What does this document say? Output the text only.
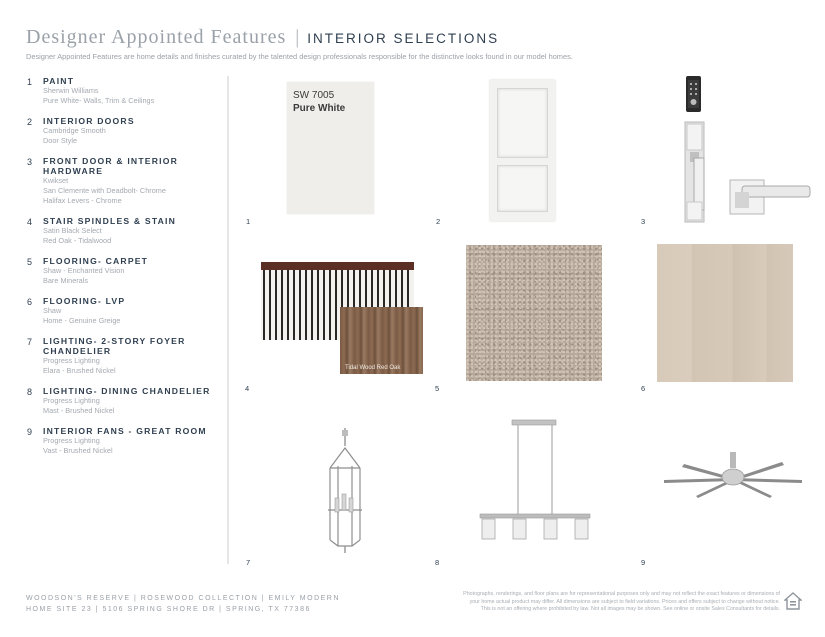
Designer Appointed Features | INTERIOR SELECTIONS
Designer Appointed Features are home details and finishes curated by the talented design professionals responsible for the distinctive looks found in our model homes.
1	PAINT
Sherwin Williams
Pure White- Walls, Trim & Ceilings
2	INTERIOR DOORS
Cambridge Smooth
Door Style
3	FRONT DOOR & INTERIOR HARDWARE
Kwikset
San Clemente with Deadbolt- Chrome
Halifax Levers - Chrome
4	STAIR SPINDLES & STAIN
Satin Black Select
Red Oak - Tidalwood
5	FLOORING- CARPET
Shaw - Enchanted Vision
Bare Minerals
6	FLOORING- LVP
Shaw
Home - Genuine Greige
7	LIGHTING- 2-STORY FOYER CHANDELIER
Progress Lighting
Elara - Brushed Nickel
8	LIGHTING- DINING CHANDELIER
Progress Lighting
Mast - Brushed Nickel
9	INTERIOR FANS - GREAT ROOM
Progress Lighting
Vast - Brushed Nickel
SW 7005
Pure White
1	2	3
Tidal Wood Red Oak
4	5	6
7	8	9
WOODSON'S RESERVE | ROSEWOOD COLLECTION | EMILY MODERN
HOME SITE 23 | 5106 SPRING SHORE DR | SPRING, TX 77386
Photographs, renderings, and floor plans are for representational purposes only and may not reflect the exact features or dimensions of
your home actual product may differ. All dimensions are subject to field variations. Prices and offers subject to change without notice.
This is not an offering where prohibited by law. Not all images may be shown. See online or onsite Sales Consultants for details.
